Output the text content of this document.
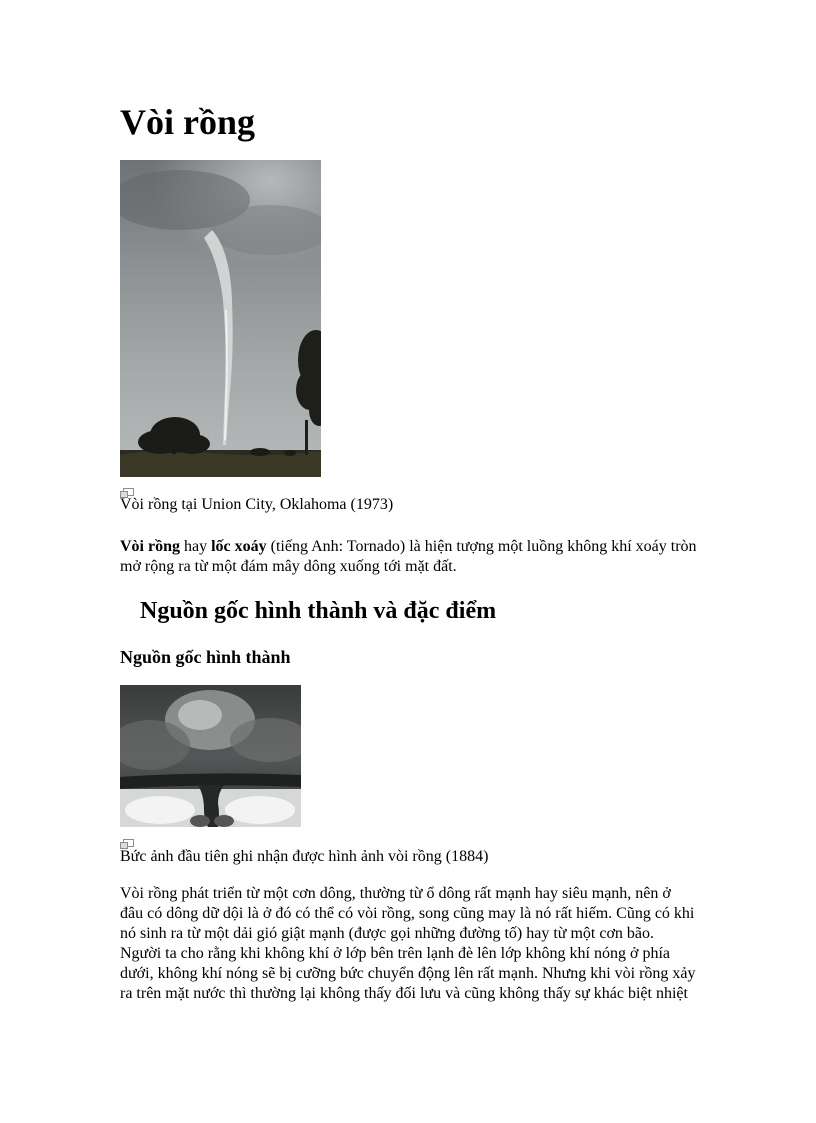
Vòi rồng
Vòi rồng tại Union City, Oklahoma (1973)

Vòi rồng hay lốc xoáy (tiếng Anh: Tornado) là hiện tượng một luồng không khí xoáy tròn mở rộng ra từ một đám mây dông xuống tới mặt đất.

Nguồn gốc hình thành và đặc điểm
Nguồn gốc hình thành
Bức ảnh đầu tiên ghi nhận được hình ảnh vòi rồng (1884)
Vòi rồng phát triển từ một cơn dông, thường từ ổ dông rất mạnh hay siêu mạnh, nên ở
đâu có dông dữ dội là ở đó có thể có vòi rồng, song cũng may là nó rất hiếm. Cũng có khi
nó sinh ra từ một dải gió giật mạnh (được gọi những đường tố) hay từ một cơn bão.
Người ta cho rằng khi không khí ở lớp bên trên lạnh đè lên lớp không khí nóng ở phía
dưới, không khí nóng sẽ bị cưỡng bức chuyển động lên rất mạnh. Nhưng khi vòi rồng xảy
ra trên mặt nước thì thường lại không thấy đối lưu và cũng không thấy sự khác biệt nhiệt
